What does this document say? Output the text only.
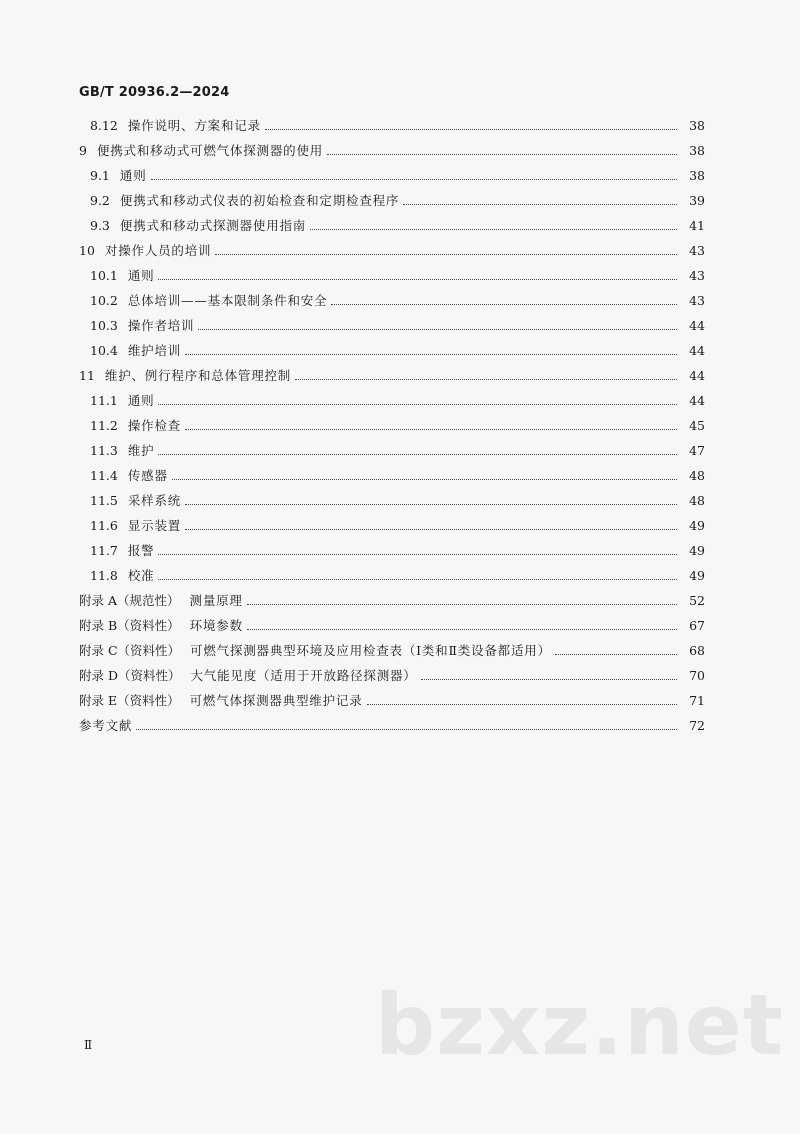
GB/T 20936.2—2024
8.12 操作说明、方案和记录	38
9 便携式和移动式可燃气体探测器的使用	38
9.1 通则	38
9.2 便携式和移动式仪表的初始检查和定期检查程序	39
9.3 便携式和移动式探测器使用指南	41
10 对操作人员的培训	43
10.1 通则	43
10.2 总体培训——基本限制条件和安全	43
10.3 操作者培训	44
10.4 维护培训	44
11 维护、例行程序和总体管理控制	44
11.1 通则	44
11.2 操作检查	45
11.3 维护	47
11.4 传感器	48
11.5 采样系统	48
11.6 显示装置	49
11.7 报警	49
11.8 校准	49
附录 A（规范性） 测量原理	52
附录 B（资料性） 环境参数	67
附录 C（资料性） 可燃气探测器典型环境及应用检查表（Ⅰ类和Ⅱ类设备都适用）	68
附录 D（资料性） 大气能见度（适用于开放路径探测器）	70
附录 E（资料性） 可燃气体探测器典型维护记录	71
参考文献	72
Ⅱ	bzxz.net
